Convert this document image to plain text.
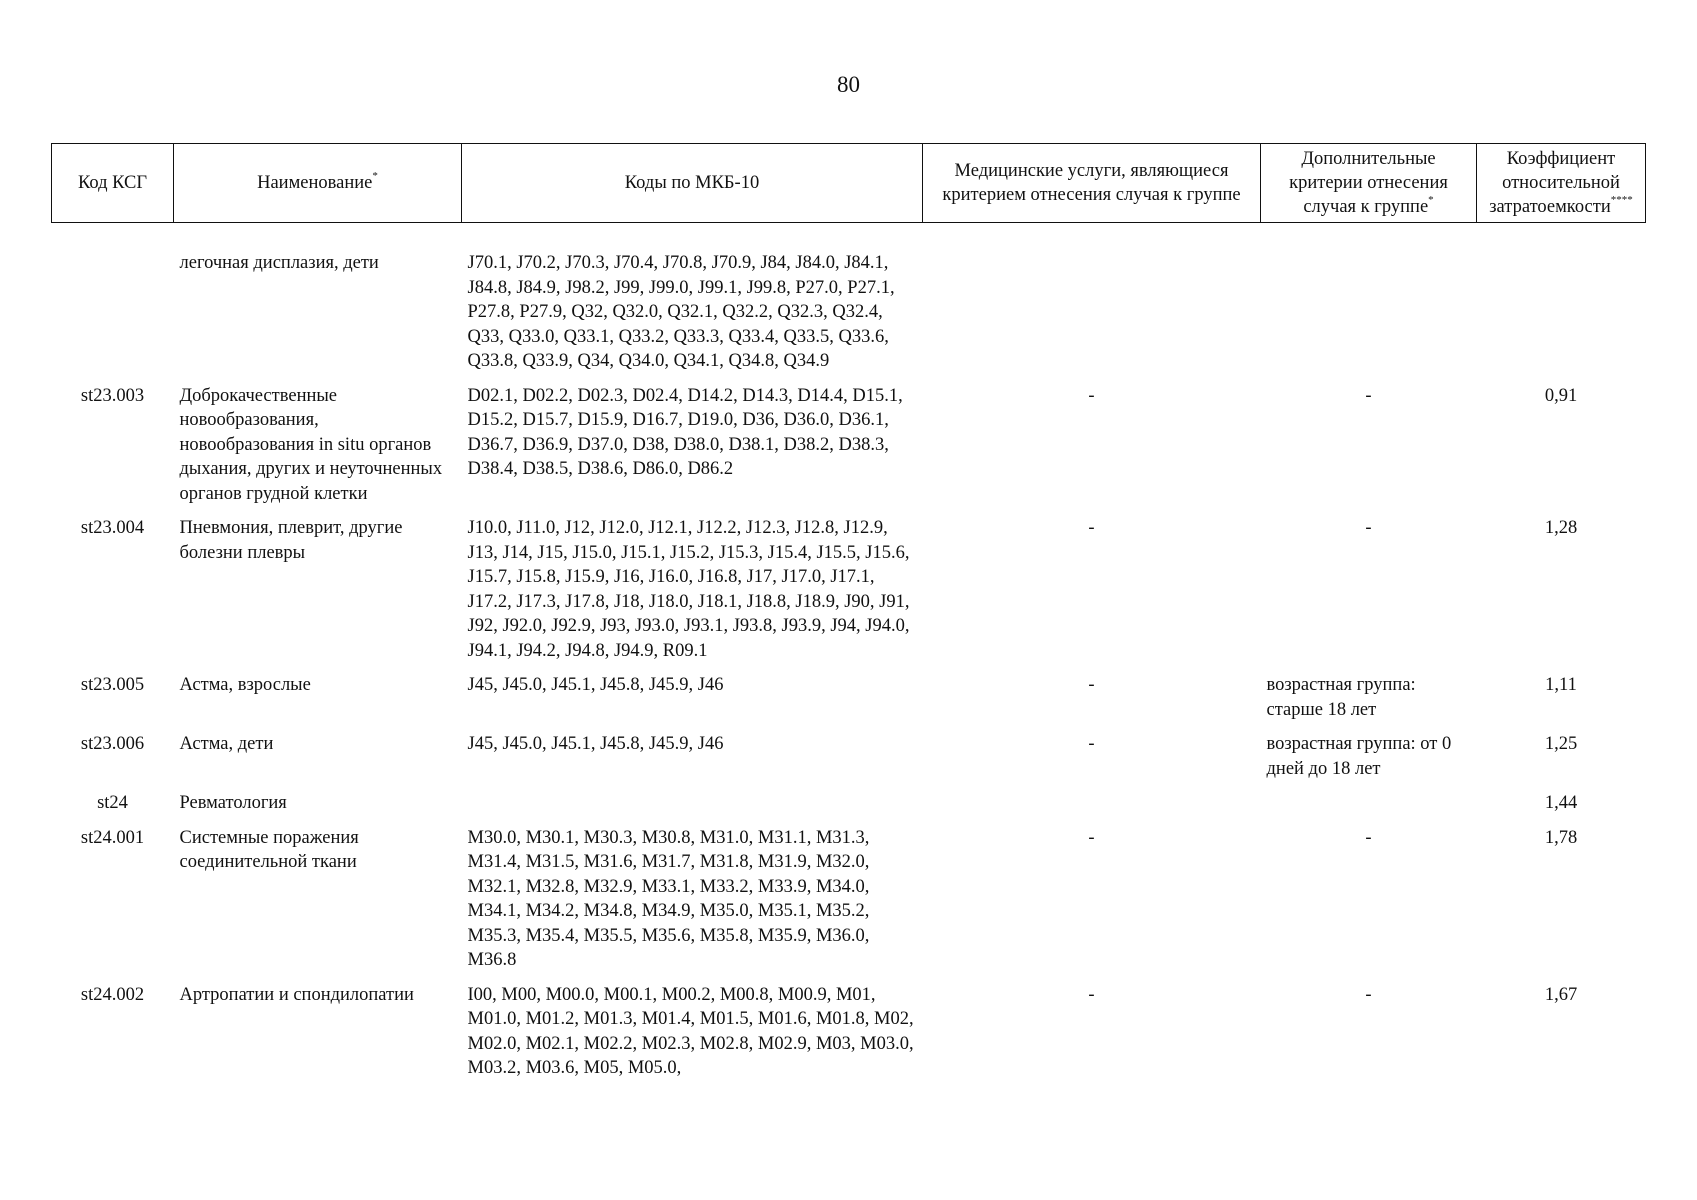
80
Код КСГ	Наименование*	Коды по МКБ-10	Медицинские услуги, являющиеся критерием отнесения случая к группе	Дополнительные критерии отнесения случая к группе*	Коэффициент относительной затратоемкости****
	легочная дисплазия, дети	J70.1, J70.2, J70.3, J70.4, J70.8, J70.9, J84, J84.0, J84.1, J84.8, J84.9, J98.2, J99, J99.0, J99.1, J99.8, P27.0, P27.1, P27.8, P27.9, Q32, Q32.0, Q32.1, Q32.2, Q32.3, Q32.4, Q33, Q33.0, Q33.1, Q33.2, Q33.3, Q33.4, Q33.5, Q33.6, Q33.8, Q33.9, Q34, Q34.0, Q34.1, Q34.8, Q34.9			
st23.003	Доброкачественные новообразования, новообразования in situ органов дыхания, других и неуточненных органов грудной клетки	D02.1, D02.2, D02.3, D02.4, D14.2, D14.3, D14.4, D15.1, D15.2, D15.7, D15.9, D16.7, D19.0, D36, D36.0, D36.1, D36.7, D36.9, D37.0, D38, D38.0, D38.1, D38.2, D38.3, D38.4, D38.5, D38.6, D86.0, D86.2	-	-	0,91
st23.004	Пневмония, плеврит, другие болезни плевры	J10.0, J11.0, J12, J12.0, J12.1, J12.2, J12.3, J12.8, J12.9, J13, J14, J15, J15.0, J15.1, J15.2, J15.3, J15.4, J15.5, J15.6, J15.7, J15.8, J15.9, J16, J16.0, J16.8, J17, J17.0, J17.1, J17.2, J17.3, J17.8, J18, J18.0, J18.1, J18.8, J18.9, J90, J91, J92, J92.0, J92.9, J93, J93.0, J93.1, J93.8, J93.9, J94, J94.0, J94.1, J94.2, J94.8, J94.9, R09.1	-	-	1,28
st23.005	Астма, взрослые	J45, J45.0, J45.1, J45.8, J45.9, J46	-	возрастная группа: старше 18 лет	1,11
st23.006	Астма, дети	J45, J45.0, J45.1, J45.8, J45.9, J46	-	возрастная группа: от 0 дней до 18 лет	1,25
st24	Ревматология				1,44
st24.001	Системные поражения соединительной ткани	M30.0, M30.1, M30.3, M30.8, M31.0, M31.1, M31.3, M31.4, M31.5, M31.6, M31.7, M31.8, M31.9, M32.0, M32.1, M32.8, M32.9, M33.1, M33.2, M33.9, M34.0, M34.1, M34.2, M34.8, M34.9, M35.0, M35.1, M35.2, M35.3, M35.4, M35.5, M35.6, M35.8, M35.9, M36.0, M36.8	-	-	1,78
st24.002	Артропатии и спондилопатии	I00, M00, M00.0, M00.1, M00.2, M00.8, M00.9, M01, M01.0, M01.2, M01.3, M01.4, M01.5, M01.6, M01.8, M02, M02.0, M02.1, M02.2, M02.3, M02.8, M02.9, M03, M03.0, M03.2, M03.6, M05, M05.0,	-	-	1,67
